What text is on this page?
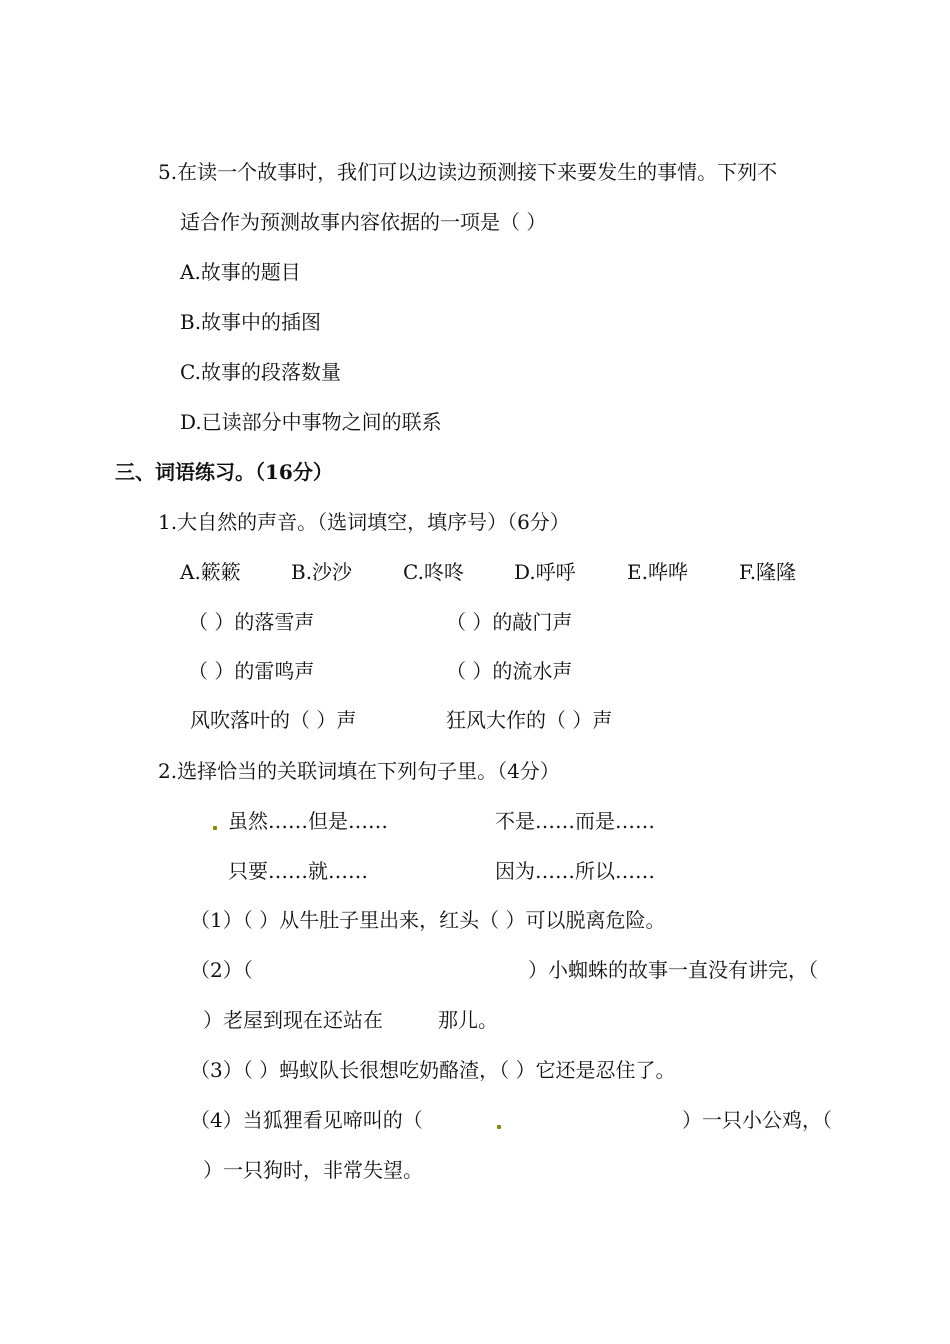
5.在读一个故事时，我们可以边读边预测接下来要发生的事情。下列不
适合作为预测故事内容依据的一项是（ ）
A.故事的题目
B.故事中的插图
C.故事的段落数量
D.已读部分中事物之间的联系
三、词语练习。（16分）
1.大自然的声音。（选词填空，填序号）（6分）
A.簌簌	B.沙沙	C.咚咚	D.呼呼	E.哗哗	F.隆隆
（ ）的落雪声	（ ）的敲门声
（ ）的雷鸣声	（ ）的流水声
风吹落叶的（ ）声	狂风大作的（ ）声
2.选择恰当的关联词填在下列句子里。（4分）
虽然……但是……	不是……而是……
只要……就……	因为……所以……
（1）（ ）从牛肚子里出来，红头（ ）可以脱离危险。
（2）（	）小蜘蛛的故事一直没有讲完，（
）老屋到现在还站在	那儿。
（3）（ ）蚂蚁队长很想吃奶酪渣，（ ）它还是忍住了。
（4）当狐狸看见啼叫的（	）一只小公鸡，（
）一只狗时，非常失望。
